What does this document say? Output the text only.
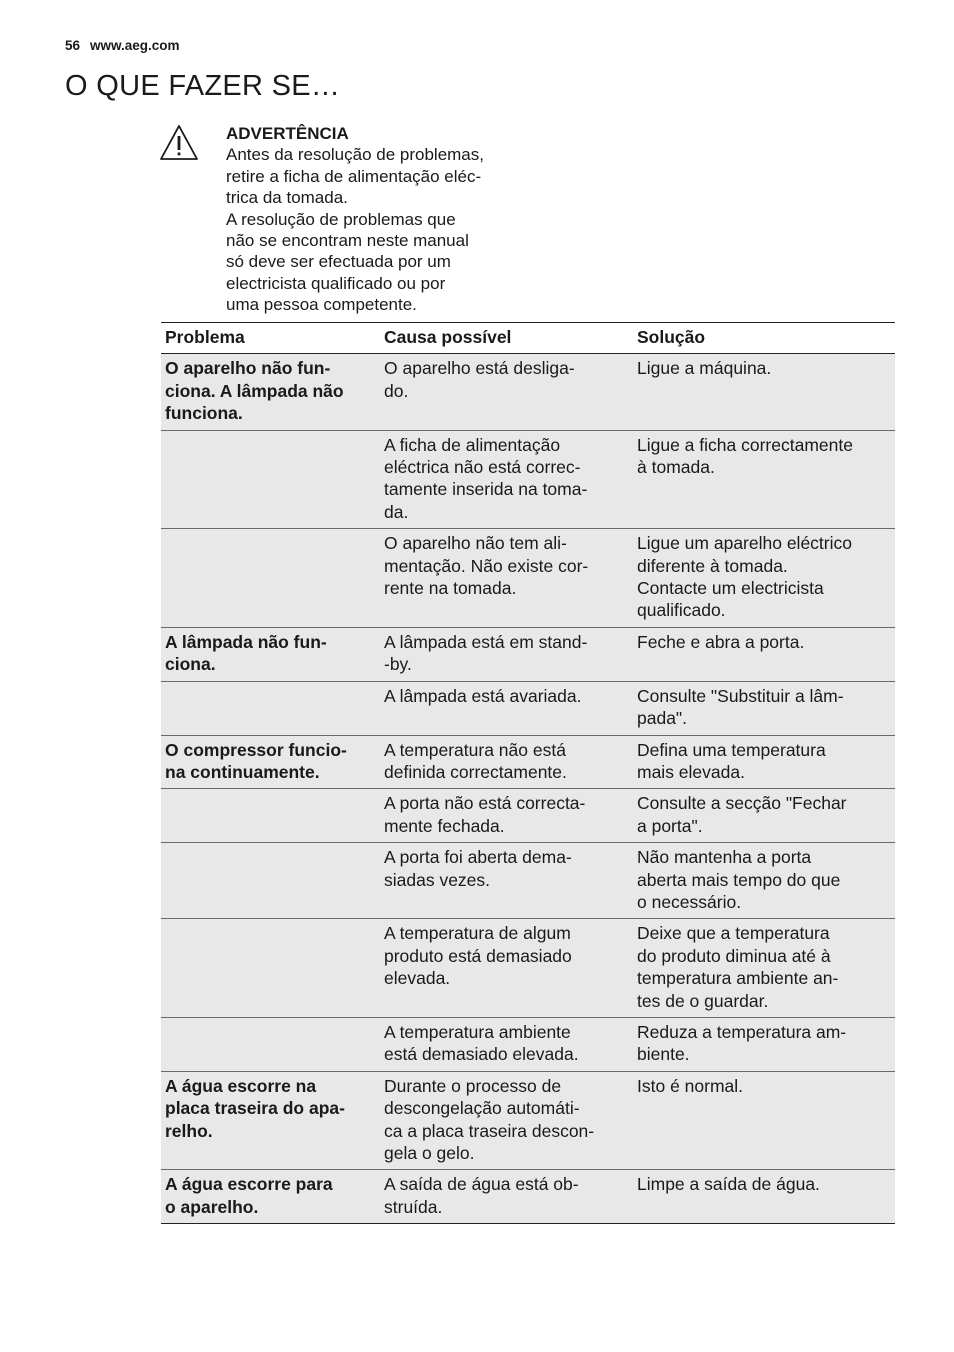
56 www.aeg.com
O QUE FAZER SE…
ADVERTÊNCIA
Antes da resolução de problemas,
retire a ficha de alimentação eléc-
trica da tomada.
A resolução de problemas que
não se encontram neste manual
só deve ser efectuada por um
electricista qualificado ou por
uma pessoa competente.
Problema	Causa possível	Solução
O aparelho não fun-
ciona. A lâmpada não
funciona.	O aparelho está desliga-
do.	Ligue a máquina.
	A ficha de alimentação
eléctrica não está correc-
tamente inserida na toma-
da.	Ligue a ficha correctamente
à tomada.
	O aparelho não tem ali-
mentação. Não existe cor-
rente na tomada.	Ligue um aparelho eléctrico
diferente à tomada.
Contacte um electricista
qualificado.
A lâmpada não fun-
ciona.	A lâmpada está em stand-
-by.	Feche e abra a porta.
	A lâmpada está avariada.	Consulte "Substituir a lâm-
pada".
O compressor funcio-
na continuamente.	A temperatura não está
definida correctamente.	Defina uma temperatura
mais elevada.
	A porta não está correcta-
mente fechada.	Consulte a secção "Fechar
a porta".
	A porta foi aberta dema-
siadas vezes.	Não mantenha a porta
aberta mais tempo do que
o necessário.
	A temperatura de algum
produto está demasiado
elevada.	Deixe que a temperatura
do produto diminua até à
temperatura ambiente an-
tes de o guardar.
	A temperatura ambiente
está demasiado elevada.	Reduza a temperatura am-
biente.
A água escorre na
placa traseira do apa-
relho.	Durante o processo de
descongelação automáti-
ca a placa traseira descon-
gela o gelo.	Isto é normal.
A água escorre para
o aparelho.	A saída de água está ob-
struída.	Limpe a saída de água.
